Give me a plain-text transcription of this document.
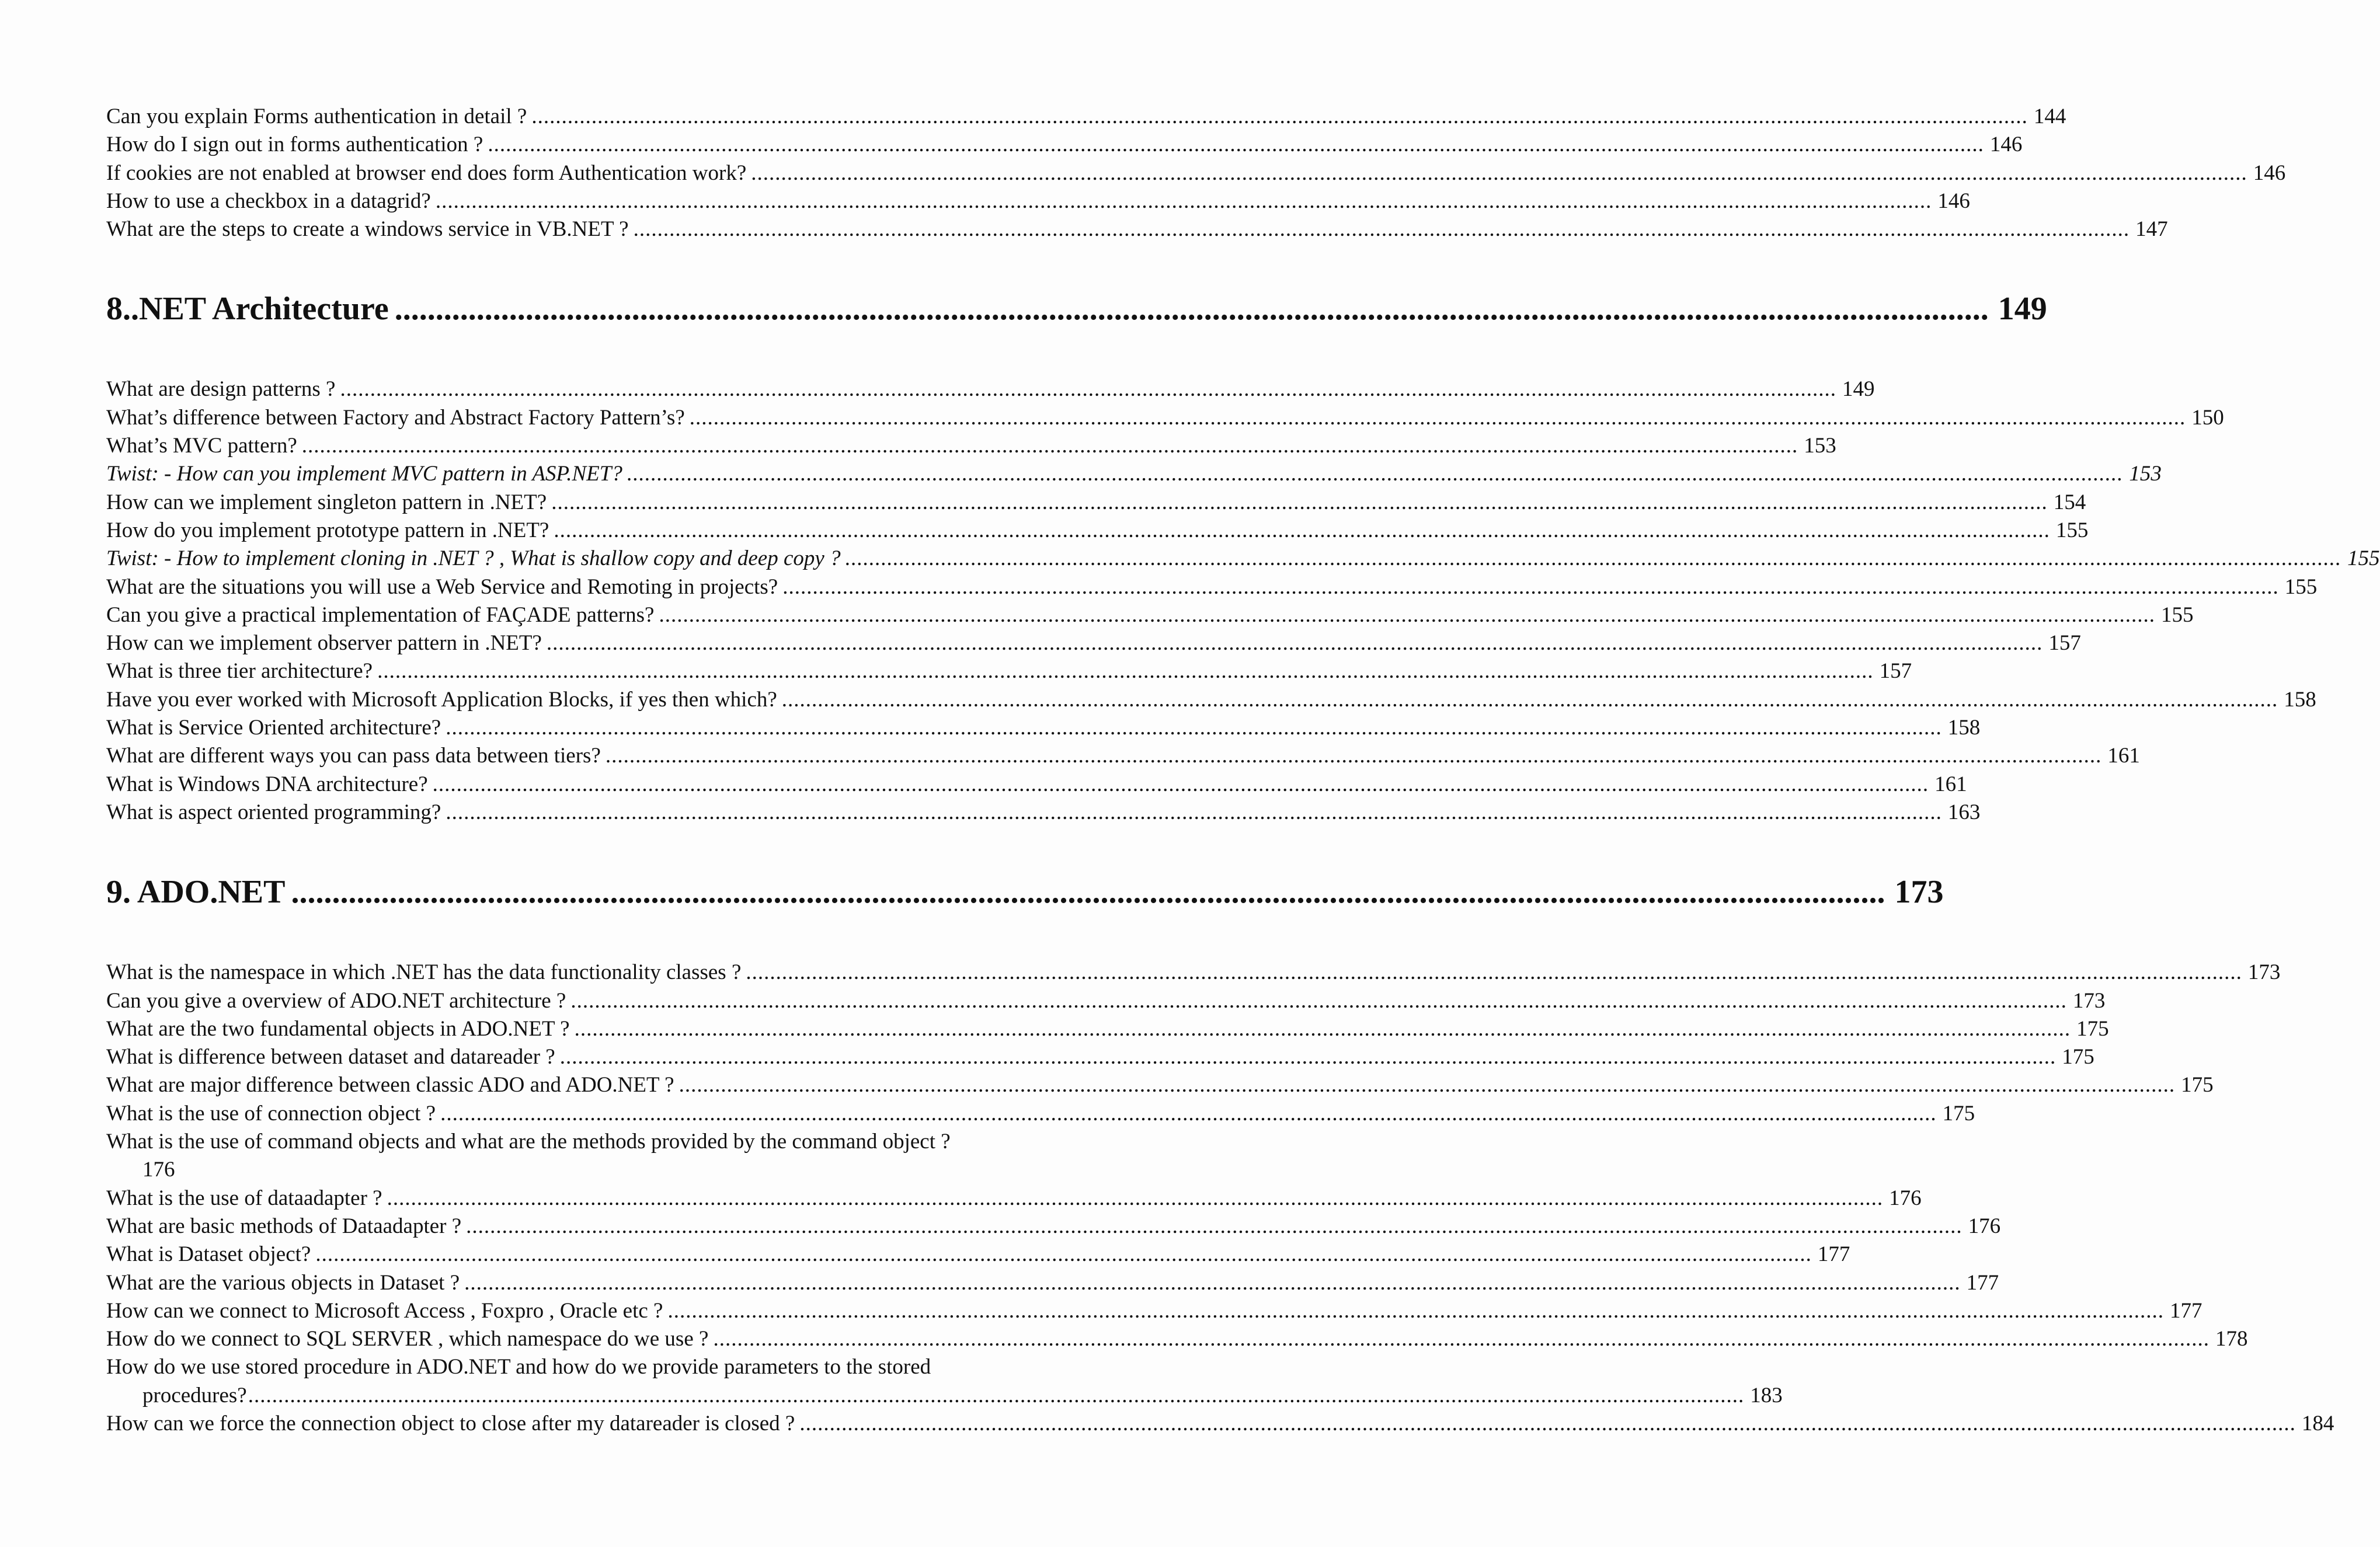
Can you explain Forms authentication in detail ? .....	144
How do I sign out in forms authentication ? .....	146
If cookies are not enabled at browser end does form Authentication work? .....	146
How to use a checkbox in a datagrid? .....	146
What are the steps to create a windows service in VB.NET ? .....	147
8..NET Architecture .....	149
What are design patterns ? .....	149
What’s difference between Factory and Abstract Factory Pattern’s? .....	150
What’s MVC pattern? .....	153
Twist: - How can you implement MVC pattern in ASP.NET? .....	153
How can we implement singleton pattern in .NET? .....	154
How do you implement prototype pattern in .NET? .....	155
Twist: - How to implement cloning in .NET ? , What is shallow copy and deep copy ? .....	155
What are the situations you will use a Web Service and Remoting in projects? .....	155
Can you give a practical implementation of FAÇADE patterns? .....	155
How can we implement observer pattern in .NET? .....	157
What is three tier architecture? .....	157
Have you ever worked with Microsoft Application Blocks, if yes then which? .....	158
What is Service Oriented architecture? .....	158
What are different ways you can pass data between tiers? .....	161
What is Windows DNA architecture? .....	161
What is aspect oriented programming? .....	163
9. ADO.NET .....	173
What is the namespace in which .NET has the data functionality classes ? .....	173
Can you give a overview of ADO.NET architecture ? .....	173
What are the two fundamental objects in ADO.NET ? .....	175
What is difference between dataset and datareader ? .....	175
What are major difference between classic ADO and ADO.NET ? .....	175
What is the use of connection object ? .....	175
What is the use of command objects and what are the methods provided by the command object ?
176
What is the use of dataadapter ? .....	176
What are basic methods of Dataadapter ? .....	176
What is Dataset object? .....	177
What are the various objects in Dataset ? .....	177
How can we connect to Microsoft Access , Foxpro , Oracle etc ? .....	177
How do we connect to SQL SERVER , which namespace do we use ? .....	178
How do we use stored procedure in ADO.NET and how do we provide parameters to the stored
procedures? .....	183
How can we force the connection object to close after my datareader is closed ? .....	184
